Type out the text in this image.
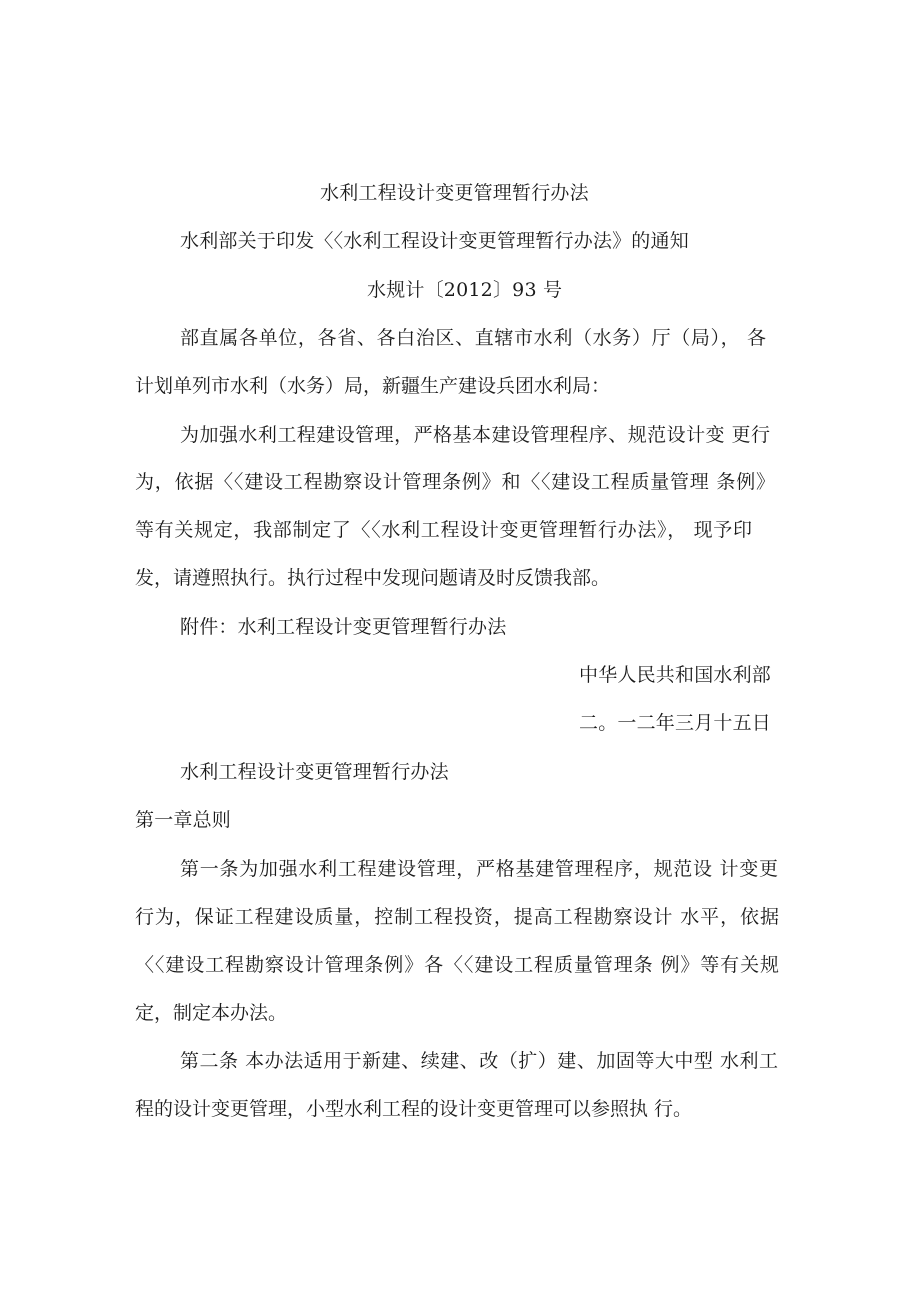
水利工程设计变更管理暂行办法
水利部关于印发〈〈水利工程设计变更管理暂行办法》的通知
水规计〔2012〕93 号
部直属各单位，各省、各白治区、直辖市水利（水务）厅（局）， 各
计划单列市水利（水务）局，新疆生产建设兵团水利局：
为加强水利工程建设管理，严格基本建设管理程序、规范设计变 更行
为，依据〈〈建设工程勘察设计管理条例》和〈〈建设工程质量管理 条例》
等有关规定，我部制定了〈〈水利工程设计变更管理暂行办法》， 现予印
发，请遵照执行。执行过程中发现问题请及时反馈我部。
附件：水利工程设计变更管理暂行办法
中华人民共和国水利部
二。一二年三月十五日
水利工程设计变更管理暂行办法
第一章总则
第一条为加强水利工程建设管理，严格基建管理程序，规范设 计变更
行为，保证工程建设质量，控制工程投资，提高工程勘察设计 水平，依据
〈〈建设工程勘察设计管理条例》各〈〈建设工程质量管理条 例》等有关规
定，制定本办法。
第二条 本办法适用于新建、续建、改（扩）建、加固等大中型 水利工
程的设计变更管理，小型水利工程的设计变更管理可以参照执 行。
